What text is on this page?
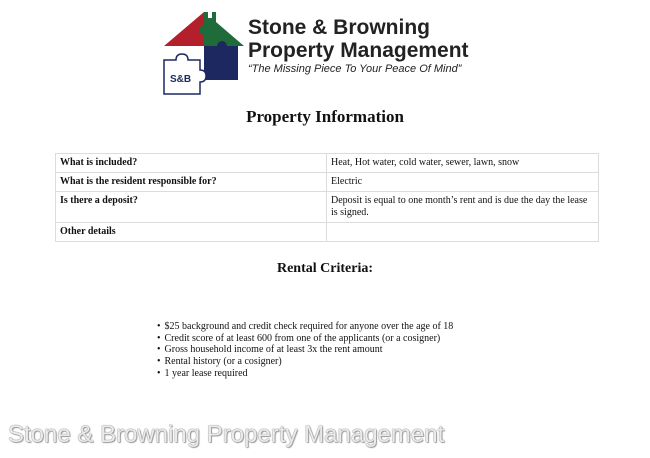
S&B
Stone & Browning
Property Management
“The Missing Piece To Your Peace Of Mind”
Property Information
What is included?	Heat, Hot water, cold water, sewer, lawn, snow
What is the resident responsible for?	Electric
Is there a deposit?	Deposit is equal to one month’s rent and is due the day the lease is signed.
Other details	
Rental Criteria:
• $25 background and credit check required for anyone over the age of 18
• Credit score of at least 600 from one of the applicants (or a cosigner)
• Gross household income of at least 3x the rent amount
• Rental history (or a cosigner)
• 1 year lease required
Stone & Browning Property Management
